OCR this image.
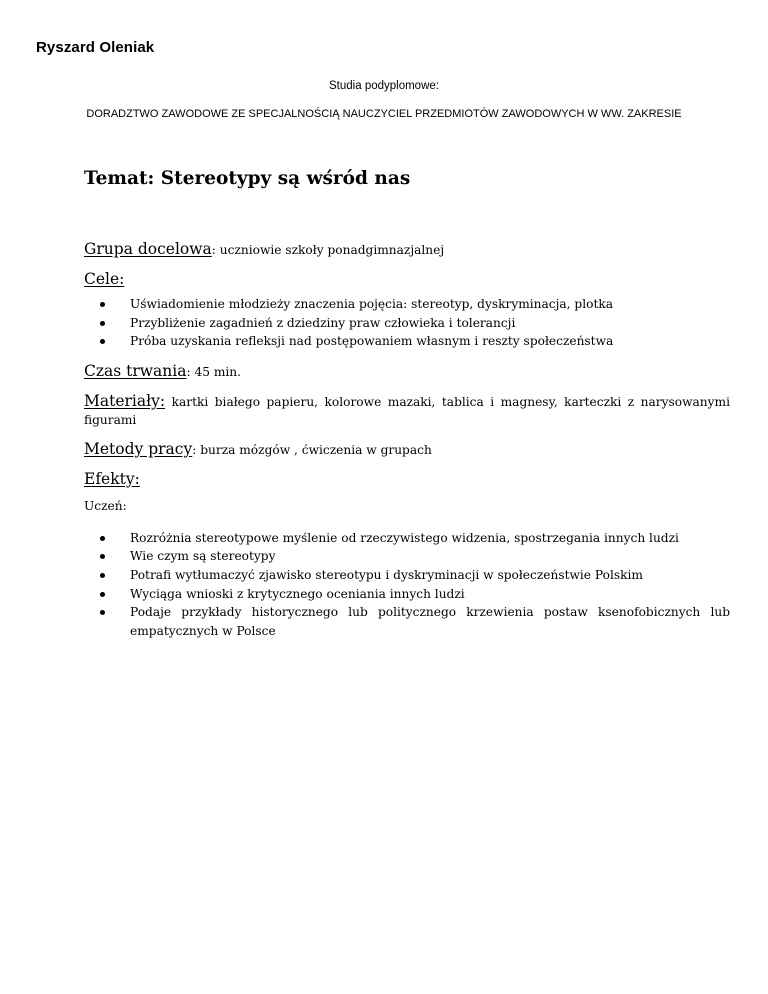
Ryszard Oleniak
Studia podyplomowe:
DORADZTWO ZAWODOWE ZE SPECJALNOŚCIĄ NAUCZYCIEL PRZEDMIOTÓW ZAWODOWYCH W WW. ZAKRESIE
Temat: Stereotypy są wśród nas
Grupa docelowa: uczniowie szkoły ponadgimnazjalnej
Cele:
Uświadomienie młodzieży znaczenia pojęcia: stereotyp, dyskryminacja, plotka
Przybliżenie zagadnień z dziedziny praw człowieka i tolerancji
Próba uzyskania refleksji nad postępowaniem własnym i reszty społeczeństwa
Czas trwania: 45 min.
Materiały: kartki białego papieru, kolorowe mazaki, tablica i magnesy, karteczki z narysowanymi figurami
Metody pracy: burza mózgów , ćwiczenia w grupach
Efekty:
Uczeń:
Rozróżnia stereotypowe myślenie od rzeczywistego widzenia, spostrzegania innych ludzi
Wie czym są stereotypy
Potrafi wytłumaczyć zjawisko stereotypu i dyskryminacji w społeczeństwie Polskim
Wyciąga wnioski z krytycznego oceniania innych ludzi
Podaje przykłady historycznego lub politycznego krzewienia postaw ksenofobicznych lub empatycznych w Polsce
